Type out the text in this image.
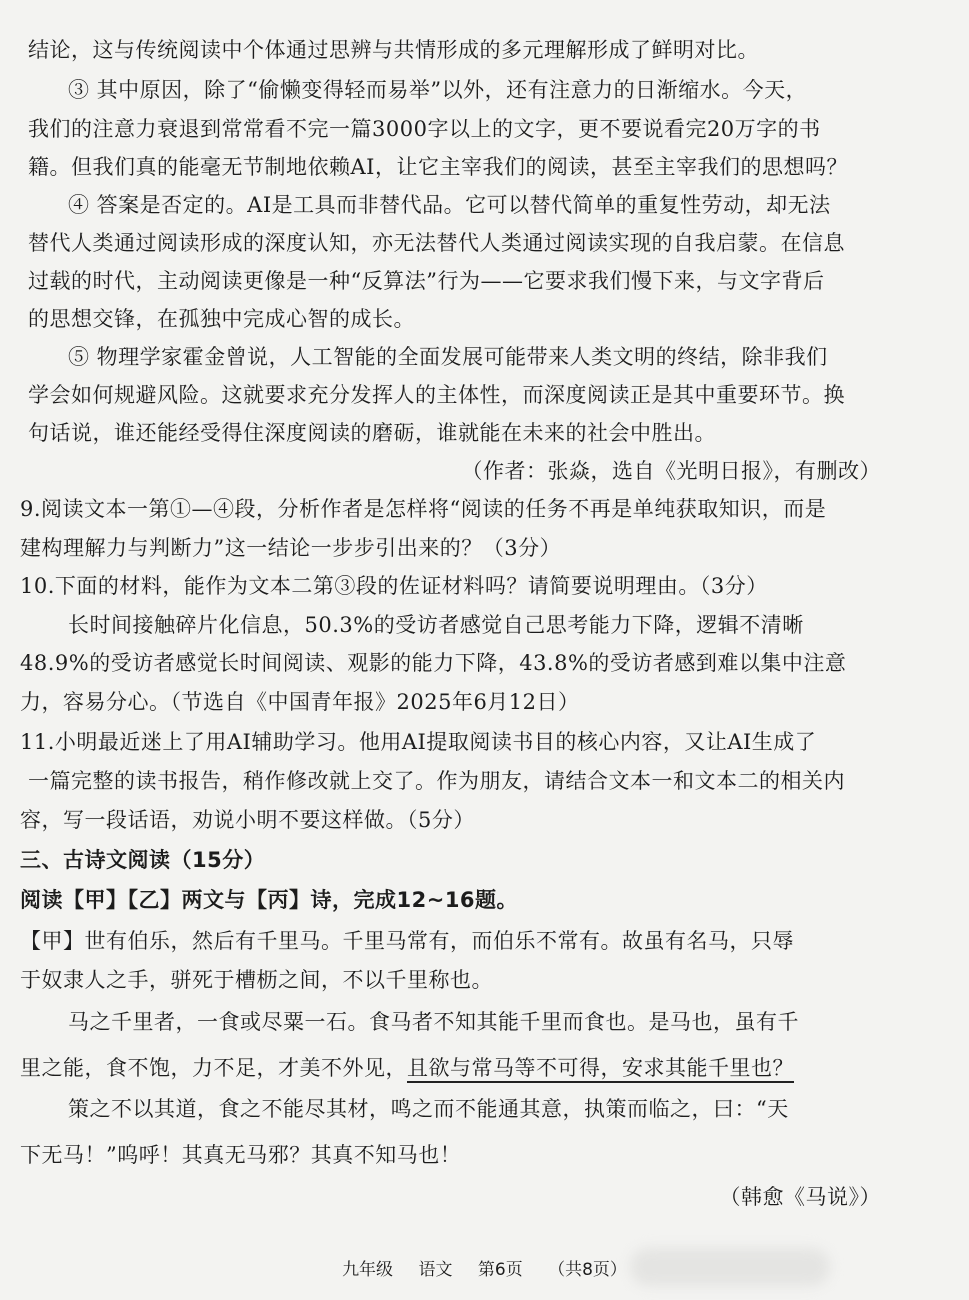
结论，这与传统阅读中个体通过思辨与共情形成的多元理解形成了鲜明对比。
③ 其中原因，除了“偷懒变得轻而易举”以外，还有注意力的日渐缩水。今天，
我们的注意力衰退到常常看不完一篇3000字以上的文字，更不要说看完20万字的书
籍。但我们真的能毫无节制地依赖AI，让它主宰我们的阅读，甚至主宰我们的思想吗？
④ 答案是否定的。AI是工具而非替代品。它可以替代简单的重复性劳动，却无法
替代人类通过阅读形成的深度认知，亦无法替代人类通过阅读实现的自我启蒙。在信息
过载的时代，主动阅读更像是一种“反算法”行为——它要求我们慢下来，与文字背后
的思想交锋，在孤独中完成心智的成长。
⑤ 物理学家霍金曾说，人工智能的全面发展可能带来人类文明的终结，除非我们
学会如何规避风险。这就要求充分发挥人的主体性，而深度阅读正是其中重要环节。换
句话说，谁还能经受得住深度阅读的磨砺，谁就能在未来的社会中胜出。
（作者：张焱，选自《光明日报》，有删改）
9.阅读文本一第①—④段，分析作者是怎样将“阅读的任务不再是单纯获取知识，而是
建构理解力与判断力”这一结论一步步引出来的？（3分）
10.下面的材料，能作为文本二第③段的佐证材料吗？请简要说明理由。（3分）
长时间接触碎片化信息，50.3%的受访者感觉自己思考能力下降，逻辑不清晰
48.9%的受访者感觉长时间阅读、观影的能力下降，43.8%的受访者感到难以集中注意
力，容易分心。（节选自《中国青年报》2025年6月12日）
11.小明最近迷上了用AI辅助学习。他用AI提取阅读书目的核心内容，又让AI生成了
一篇完整的读书报告，稍作修改就上交了。作为朋友，请结合文本一和文本二的相关内
容，写一段话语，劝说小明不要这样做。（5分）
三、古诗文阅读（15分）
阅读【甲】【乙】两文与【丙】诗，完成12~16题。
【甲】世有伯乐，然后有千里马。千里马常有，而伯乐不常有。故虽有名马，只辱
于奴隶人之手，骈死于槽枥之间，不以千里称也。
马之千里者，一食或尽粟一石。食马者不知其能千里而食也。是马也，虽有千
里之能，食不饱，力不足，才美不外见，且欲与常马等不可得，安求其能千里也？
策之不以其道，食之不能尽其材，鸣之而不能通其意，执策而临之，曰：“天
下无马！”呜呼！其真无马邪？其真不知马也！
（韩愈《马说》）
九年级 语文 第6页 （共8页）
